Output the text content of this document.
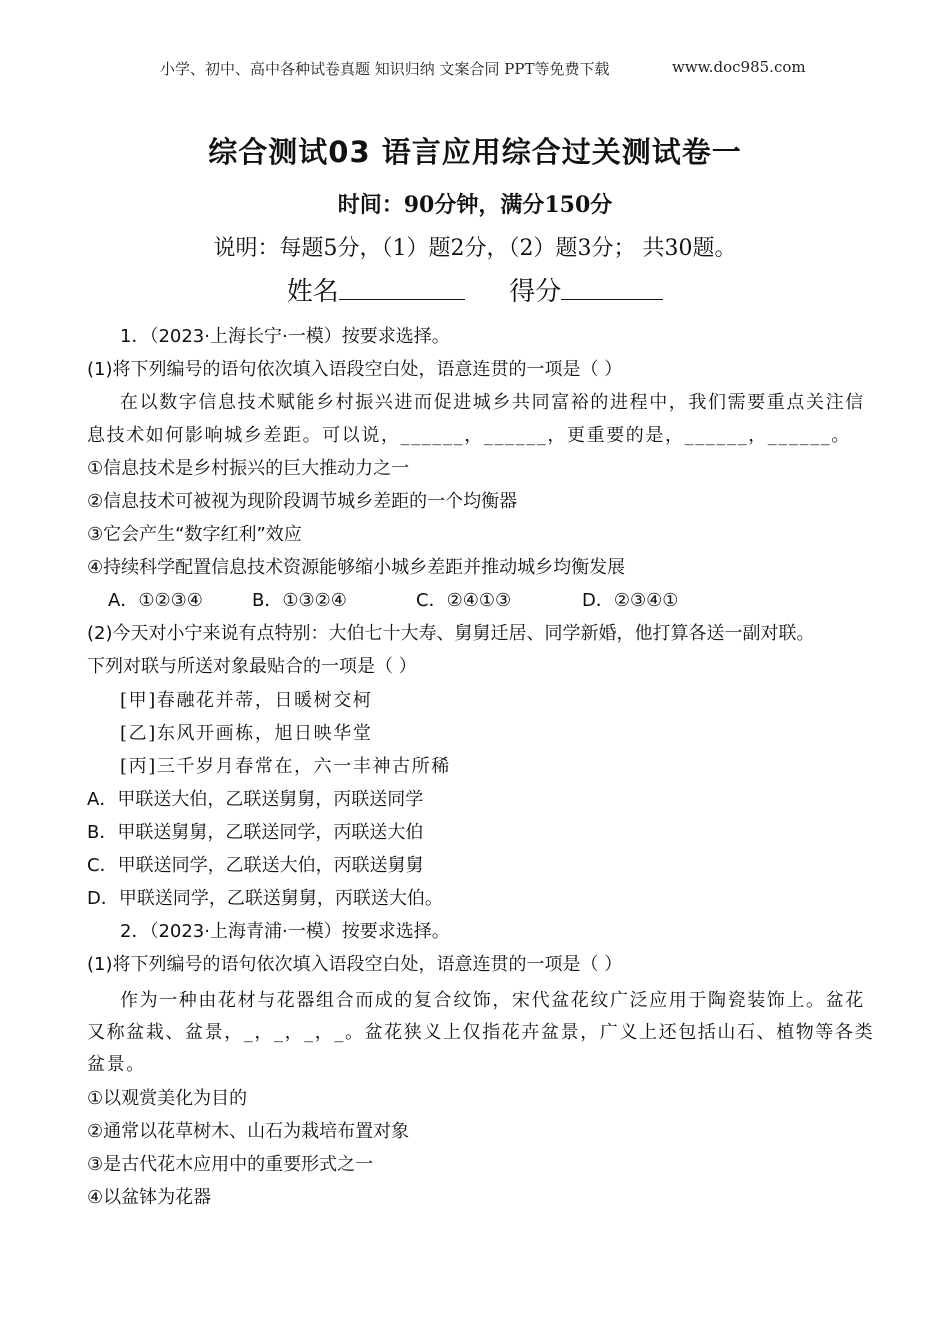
小学、初中、高中各种试卷真题 知识归纳 文案合同 PPT等免费下载	www.doc985.com
综合测试03 语言应用综合过关测试卷一
时间：90分钟，满分150分
说明：每题5分，（1）题2分，（2）题3分； 共30题。
姓名	得分
1．（2023·上海长宁·一模）按要求选择。
(1)将下列编号的语句依次填入语段空白处，语意连贯的一项是（ ）
在以数字信息技术赋能乡村振兴进而促进城乡共同富裕的进程中，我们需要重点关注信
息技术如何影响城乡差距。可以说，______，______，更重要的是，______，______。
①信息技术是乡村振兴的巨大推动力之一
②信息技术可被视为现阶段调节城乡差距的一个均衡器
③它会产生“数字红利”效应
④持续科学配置信息技术资源能够缩小城乡差距并推动城乡均衡发展
A．①②③④	B．①③②④	C．②④①③	D．②③④①
(2)今天对小宁来说有点特别：大伯七十大寿、舅舅迁居、同学新婚，他打算各送一副对联。
下列对联与所送对象最贴合的一项是（ ）
[甲]春融花并蒂，日暖树交柯
[乙]东风开画栋，旭日映华堂
[丙]三千岁月春常在，六一丰神古所稀
A．甲联送大伯，乙联送舅舅，丙联送同学
B．甲联送舅舅，乙联送同学，丙联送大伯
C．甲联送同学，乙联送大伯，丙联送舅舅
D．甲联送同学，乙联送舅舅，丙联送大伯。
2．（2023·上海青浦·一模）按要求选择。
(1)将下列编号的语句依次填入语段空白处，语意连贯的一项是（ ）
作为一种由花材与花器组合而成的复合纹饰，宋代盆花纹广泛应用于陶瓷装饰上。盆花
又称盆栽、盆景，_，_，_，_。盆花狭义上仅指花卉盆景，广义上还包括山石、植物等各类
盆景。
①以观赏美化为目的
②通常以花草树木、山石为栽培布置对象
③是古代花木应用中的重要形式之一
④以盆钵为花器
